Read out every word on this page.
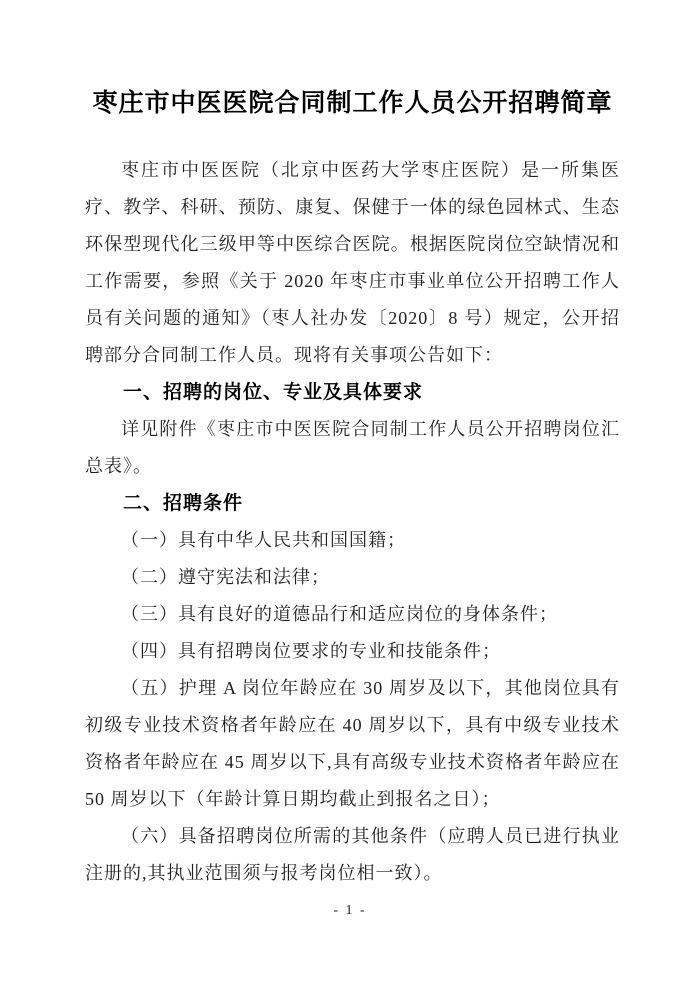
枣庄市中医医院合同制工作人员公开招聘简章

枣庄市中医医院（北京中医药大学枣庄医院）是一所集医疗、教学、科研、预防、康复、保健于一体的绿色园林式、生态环保型现代化三级甲等中医综合医院。根据医院岗位空缺情况和工作需要，参照《关于 2020 年枣庄市事业单位公开招聘工作人员有关问题的通知》（枣人社办发〔2020〕8 号）规定，公开招聘部分合同制工作人员。现将有关事项公告如下：

一、招聘的岗位、专业及具体要求

详见附件《枣庄市中医医院合同制工作人员公开招聘岗位汇总表》。

二、招聘条件

（一）具有中华人民共和国国籍；

（二）遵守宪法和法律；

（三）具有良好的道德品行和适应岗位的身体条件；

（四）具有招聘岗位要求的专业和技能条件；

（五）护理 A 岗位年龄应在 30 周岁及以下，其他岗位具有初级专业技术资格者年龄应在 40 周岁以下，具有中级专业技术资格者年龄应在 45 周岁以下,具有高级专业技术资格者年龄应在 50 周岁以下（年龄计算日期均截止到报名之日）；

（六）具备招聘岗位所需的其他条件（应聘人员已进行执业注册的,其执业范围须与报考岗位相一致）。

- 1 -
